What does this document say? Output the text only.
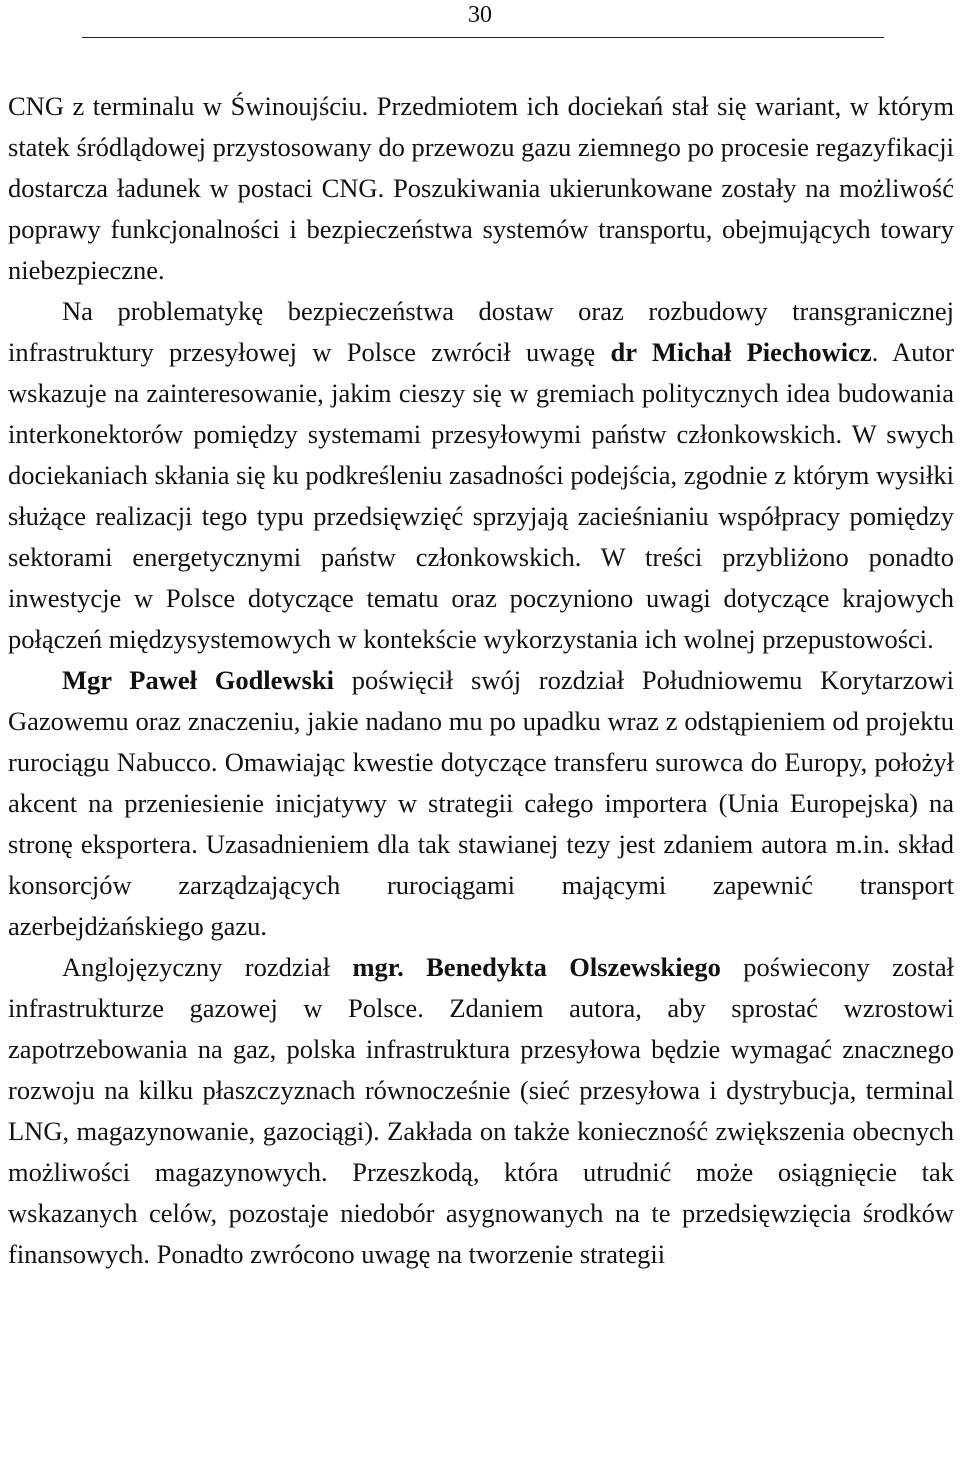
30

CNG z terminalu w Świnoujściu. Przedmiotem ich dociekań stał się wariant, w którym statek śródlądowej przystosowany do przewozu gazu ziemnego po procesie regazyfikacji dostarcza ładunek w postaci CNG. Poszukiwania ukierunkowane zostały na możliwość poprawy funkcjonalności i bezpieczeństwa systemów transportu, obejmujących towary niebezpieczne.

Na problematykę bezpieczeństwa dostaw oraz rozbudowy transgranicznej infrastruktury przesyłowej w Polsce zwrócił uwagę dr Michał Piechowicz. Autor wskazuje na zainteresowanie, jakim cieszy się w gremiach politycznych idea budowania interkonektorów pomiędzy systemami przesyłowymi państw członkowskich. W swych dociekaniach skłania się ku podkreśleniu zasadności podejścia, zgodnie z którym wysiłki służące realizacji tego typu przedsięwzięć sprzyjają zacieśnianiu współpracy pomiędzy sektorami energetycznymi państw członkowskich. W treści przybliżono ponadto inwestycje w Polsce dotyczące tematu oraz poczyniono uwagi dotyczące krajowych połączeń międzysystemowych w kontekście wykorzystania ich wolnej przepustowości.

Mgr Paweł Godlewski poświęcił swój rozdział Południowemu Korytarzowi Gazowemu oraz znaczeniu, jakie nadano mu po upadku wraz z odstąpieniem od projektu rurociągu Nabucco. Omawiając kwestie dotyczące transferu surowca do Europy, położył akcent na przeniesienie inicjatywy w strategii całego importera (Unia Europejska) na stronę eksportera. Uzasadnieniem dla tak stawianej tezy jest zdaniem autora m.in. skład konsorcjów zarządzających rurociągami mającymi zapewnić transport azerbejdżańskiego gazu.

Anglojęzyczny rozdział mgr. Benedykta Olszewskiego poświecony został infrastrukturze gazowej w Polsce. Zdaniem autora, aby sprostać wzrostowi zapotrzebowania na gaz, polska infrastruktura przesyłowa będzie wymagać znacznego rozwoju na kilku płaszczyznach równocześnie (sieć przesyłowa i dystrybucja, terminal LNG, magazynowanie, gazociągi). Zakłada on także konieczność zwiększenia obecnych możliwości magazynowych. Przeszkodą, która utrudnić może osiągnięcie tak wskazanych celów, pozostaje niedobór asygnowanych na te przedsięwzięcia środków finansowych. Ponadto zwrócono uwagę na tworzenie strategii
